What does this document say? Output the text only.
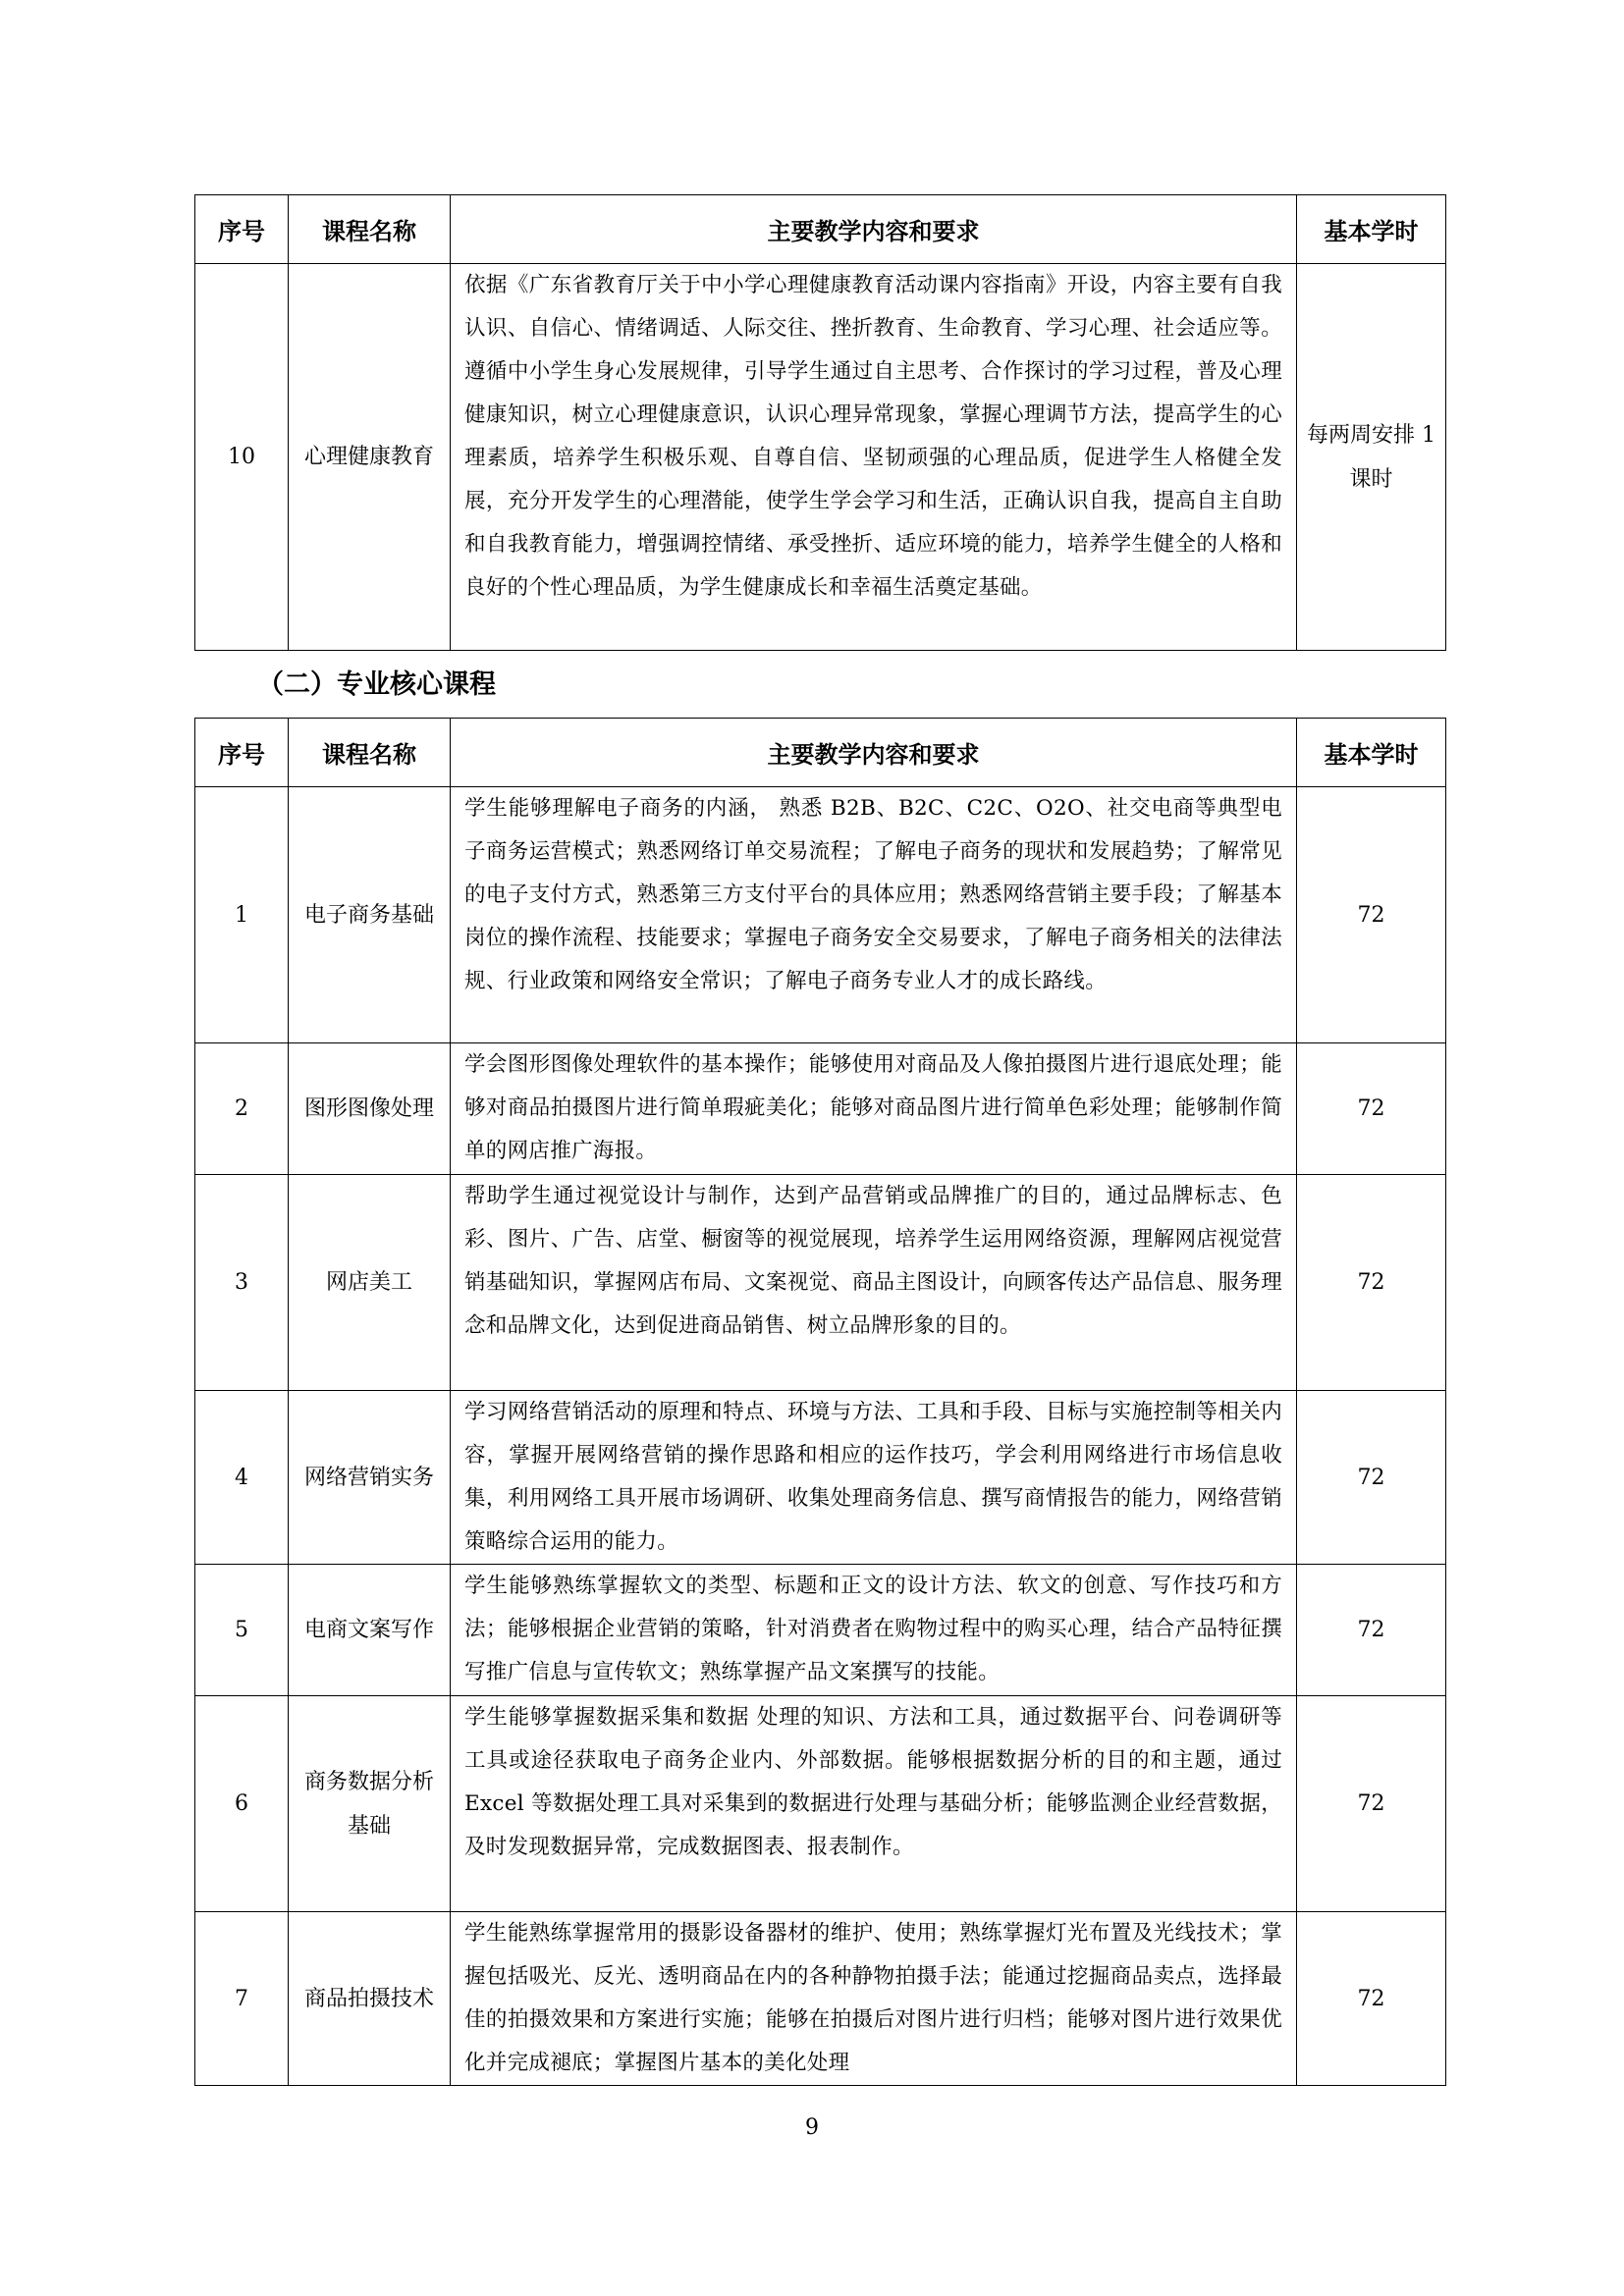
序号	课程名称	主要教学内容和要求	基本学时
10	心理健康教育	依据《广东省教育厅关于中小学心理健康教育活动课内容指南》开设，内容主要有自我认识、自信心、情绪调适、人际交往、挫折教育、生命教育、学习心理、社会适应等。遵循中小学生身心发展规律，引导学生通过自主思考、合作探讨的学习过程，普及心理健康知识，树立心理健康意识，认识心理异常现象，掌握心理调节方法，提高学生的心理素质，培养学生积极乐观、自尊自信、坚韧顽强的心理品质，促进学生人格健全发展，充分开发学生的心理潜能，使学生学会学习和生活，正确认识自我，提高自主自助和自我教育能力，增强调控情绪、承受挫折、适应环境的能力，培养学生健全的人格和良好的个性心理品质，为学生健康成长和幸福生活奠定基础。	每两周安排 1 课时
（二）专业核心课程
序号	课程名称	主要教学内容和要求	基本学时
1	电子商务基础	学生能够理解电子商务的内涵， 熟悉 B2B、B2C、C2C、O2O、社交电商等典型电子商务运营模式；熟悉网络订单交易流程；了解电子商务的现状和发展趋势；了解常见的电子支付方式，熟悉第三方支付平台的具体应用；熟悉网络营销主要手段；了解基本岗位的操作流程、技能要求；掌握电子商务安全交易要求，了解电子商务相关的法律法规、行业政策和网络安全常识；了解电子商务专业人才的成长路线。	72
2	图形图像处理	学会图形图像处理软件的基本操作；能够使用对商品及人像拍摄图片进行退底处理；能够对商品拍摄图片进行简单瑕疵美化；能够对商品图片进行简单色彩处理；能够制作简单的网店推广海报。	72
3	网店美工	帮助学生通过视觉设计与制作，达到产品营销或品牌推广的目的，通过品牌标志、色彩、图片、广告、店堂、橱窗等的视觉展现，培养学生运用网络资源，理解网店视觉营销基础知识，掌握网店布局、文案视觉、商品主图设计，向顾客传达产品信息、服务理念和品牌文化，达到促进商品销售、树立品牌形象的目的。	72
4	网络营销实务	学习网络营销活动的原理和特点、环境与方法、工具和手段、目标与实施控制等相关内容，掌握开展网络营销的操作思路和相应的运作技巧，学会利用网络进行市场信息收集，利用网络工具开展市场调研、收集处理商务信息、撰写商情报告的能力，网络营销策略综合运用的能力。	72
5	电商文案写作	学生能够熟练掌握软文的类型、标题和正文的设计方法、软文的创意、写作技巧和方法；能够根据企业营销的策略，针对消费者在购物过程中的购买心理，结合产品特征撰写推广信息与宣传软文；熟练掌握产品文案撰写的技能。	72
6	商务数据分析基础	学生能够掌握数据采集和数据 处理的知识、方法和工具，通过数据平台、问卷调研等工具或途径获取电子商务企业内、外部数据。能够根据数据分析的目的和主题，通过 Excel 等数据处理工具对采集到的数据进行处理与基础分析；能够监测企业经营数据，及时发现数据异常，完成数据图表、报表制作。	72
7	商品拍摄技术	学生能熟练掌握常用的摄影设备器材的维护、使用；熟练掌握灯光布置及光线技术；掌握包括吸光、反光、透明商品在内的各种静物拍摄手法；能通过挖掘商品卖点，选择最佳的拍摄效果和方案进行实施；能够在拍摄后对图片进行归档；能够对图片进行效果优化并完成褪底；掌握图片基本的美化处理	72
9
